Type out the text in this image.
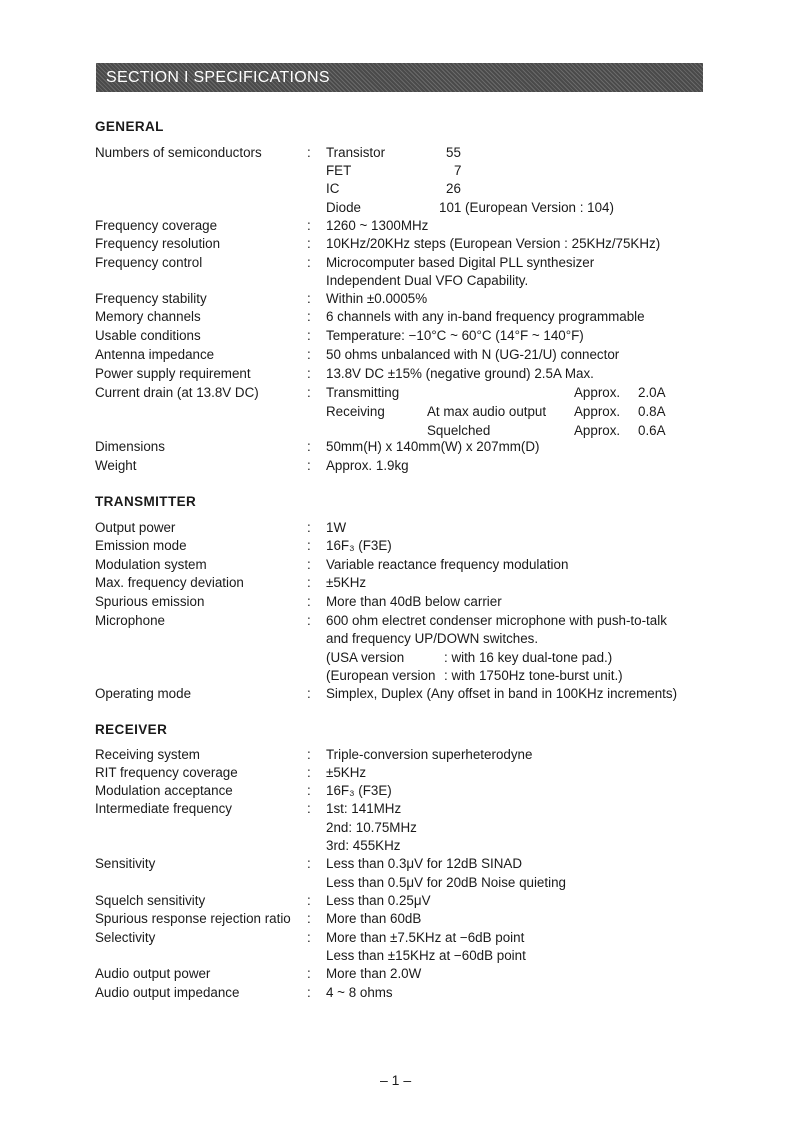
SECTION I SPECIFICATIONS
GENERAL
Numbers of semiconductors	: Transistor	55
FET	7
IC	26
Diode	101 (European Version : 104)
Frequency coverage	: 1260 ~ 1300MHz
Frequency resolution	: 10KHz/20KHz steps (European Version : 25KHz/75KHz)
Frequency control	: Microcomputer based Digital PLL synthesizer
Independent Dual VFO Capability.
Frequency stability	: Within ±0.0005%
Memory channels	: 6 channels with any in-band frequency programmable
Usable conditions	: Temperature: −10°C ~ 60°C (14°F ~ 140°F)
Antenna impedance	: 50 ohms unbalanced with N (UG-21/U) connector
Power supply requirement	: 13.8V DC ±15% (negative ground) 2.5A Max.
Current drain (at 13.8V DC)	: Transmitting	Approx. 2.0A
Receiving	At max audio output Approx. 0.8A
Squelched	Approx. 0.6A
Dimensions	: 50mm(H) x 140mm(W) x 207mm(D)
Weight	: Approx. 1.9kg
TRANSMITTER
Output power	: 1W
Emission mode	: 16F₃ (F3E)
Modulation system	: Variable reactance frequency modulation
Max. frequency deviation	: ±5KHz
Spurious emission	: More than 40dB below carrier
Microphone	: 600 ohm electret condenser microphone with push-to-talk
and frequency UP/DOWN switches.
(USA version	: with 16 key dual-tone pad.)
(European version : with 1750Hz tone-burst unit.)
Operating mode	: Simplex, Duplex (Any offset in band in 100KHz increments)
RECEIVER
Receiving system	: Triple-conversion superheterodyne
RIT frequency coverage	: ±5KHz
Modulation acceptance	: 16F₃ (F3E)
Intermediate frequency	: 1st: 141MHz
2nd: 10.75MHz
3rd: 455KHz
Sensitivity	: Less than 0.3μV for 12dB SINAD
Less than 0.5μV for 20dB Noise quieting
Squelch sensitivity	: Less than 0.25μV
Spurious response rejection ratio : More than 60dB
Selectivity	: More than ±7.5KHz at −6dB point
Less than ±15KHz at −60dB point
Audio output power	: More than 2.0W
Audio output impedance	: 4 ~ 8 ohms
– 1 –
